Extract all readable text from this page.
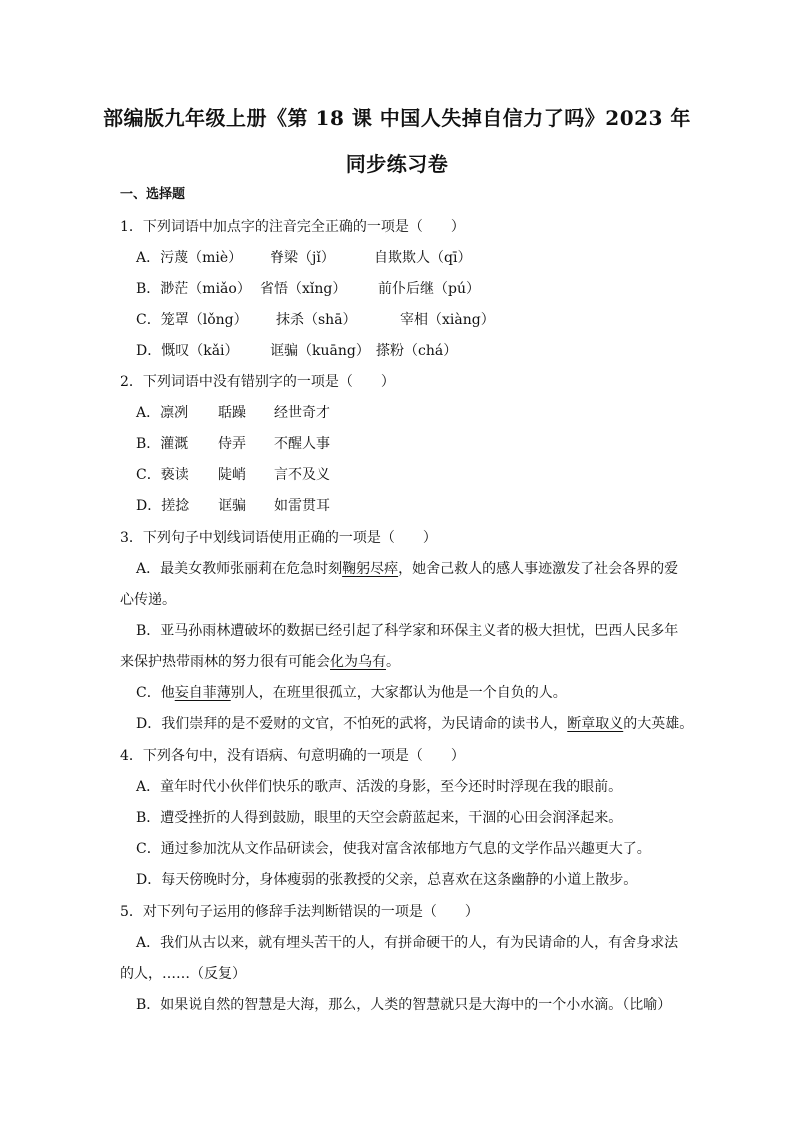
部编版九年级上册《第 18 课 中国人失掉自信力了吗》2023 年
同步练习卷
一、选择题
1．下列词语中加点字的注音完全正确的一项是（　　）
A．污蔑（miè） 脊梁（jǐ）	自欺欺人（qī）
B．渺茫（miǎo） 省悟（xǐng） 前仆后继（pú）
C．笼罩（lǒng） 抹杀（shā）	宰相（xiàng）
D．慨叹（kǎi） 诓骗（kuāng） 搽粉（chá）
2．下列词语中没有错别字的一项是（　　）
A．凛冽 聒躁 经世奇才
B．灌溉 侍弄 不醒人事
C．亵读 陡峭 言不及义
D．搓捻 诓骗 如雷贯耳
3．下列句子中划线词语使用正确的一项是（　　）
A．最美女教师张丽莉在危急时刻鞠躬尽瘁，她舍己救人的感人事迹激发了社会各界的爱
心传递。
B．亚马孙雨林遭破坏的数据已经引起了科学家和环保主义者的极大担忧，巴西人民多年
来保护热带雨林的努力很有可能会化为乌有。
C．他妄自菲薄别人，在班里很孤立，大家都认为他是一个自负的人。
D．我们崇拜的是不爱财的文官，不怕死的武将，为民请命的读书人，断章取义的大英雄。
4．下列各句中，没有语病、句意明确的一项是（　　）
A．童年时代小伙伴们快乐的歌声、活泼的身影，至今还时时浮现在我的眼前。
B．遭受挫折的人得到鼓励，眼里的天空会蔚蓝起来，干涸的心田会润泽起来。
C．通过参加沈从文作品研读会，使我对富含浓郁地方气息的文学作品兴趣更大了。
D．每天傍晚时分，身体瘦弱的张教授的父亲，总喜欢在这条幽静的小道上散步。
5．对下列句子运用的修辞手法判断错误的一项是（　　）
A．我们从古以来，就有埋头苦干的人，有拼命硬干的人，有为民请命的人，有舍身求法
的人，……（反复）
B．如果说自然的智慧是大海，那么，人类的智慧就只是大海中的一个小水滴。（比喻）
